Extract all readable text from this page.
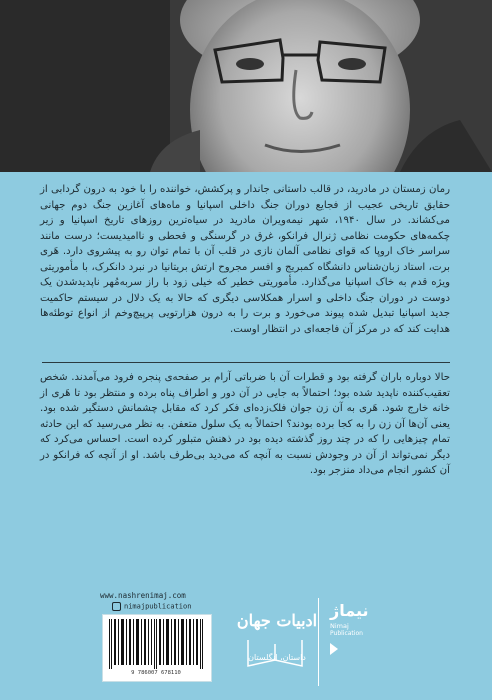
رمان زمستان در مادرید، در قالب داستانی جاندار و پرکشش، خواننده را با خود به درون گردابی از حقایق تاریخی عجیب از فجایع دوران جنگ داخلی اسپانیا و ماه‌های آغازین جنگ دوم جهانی می‌کشاند. در سال ۱۹۴۰، شهر نیمه‌ویران مادرید در سیاه‌ترین روزهای تاریخ اسپانیا و زیر چکمه‌های حکومت نظامی ژنرال فرانکو، غرق در گرسنگی و قحطی و ناامیدیست؛ درست مانند سراسر خاک اروپا که قوای نظامی آلمان نازی در قلب آن با تمام توان رو به پیشروی دارد. هَری برت، استاد زبان‌شناس دانشگاه کمبریج و افسر مجروح ارتش بریتانیا در نبرد دانکرک، با مأموریتی ویژه قدم به خاک اسپانیا می‌گذارد. مأموریتی خطیر که خیلی زود با راز سربه‌مُهر ناپدیدشدن یک دوست در دوران جنگ داخلی و اسرار همکلاسی دیگری که حالا به یک دلال در سیستم حاکمیت جدید اسپانیا تبدیل شده پیوند می‌خورد و برت را به درون هزارتویی پرپیچ‌وخم از انواع توطئه‌ها هدایت کند که در مرکز آن فاجعه‌ای در انتظار اوست.

حالا دوباره باران گرفته بود و قطرات آن با ضرباتی آرام بر صفحه‌ی پنجره فرود می‌آمدند. شخص تعقیب‌کننده ناپدید شده بود؛ احتمالاً به جایی در آن دور و اطراف پناه برده و منتظر بود تا هَری از خانه خارج شود. هَری به آن زن جوان فلک‌زده‌ای فکر کرد که مقابل چشمانش دستگیر شده بود. یعنی آن‌ها آن زن را به کجا برده بودند؟ احتمالاً به یک سلول متعفن. به نظر می‌رسید که این حادثه تمام چیزهایی را که در چند روز گذشته دیده بود در ذهنش متبلور کرده است. احساس می‌کرد که دیگر نمی‌تواند از آن در وجودش نسبت به آنچه که می‌دید بی‌طرف باشد. او از آنچه که فرانکو در آن کشور انجام می‌داد منزجر بود.

www.nashrenimaj.com
nimajpublication
9 786007 678110
ادبیات جهان
داستان، انگلستان
نیماژ
Nimaj
Publication
